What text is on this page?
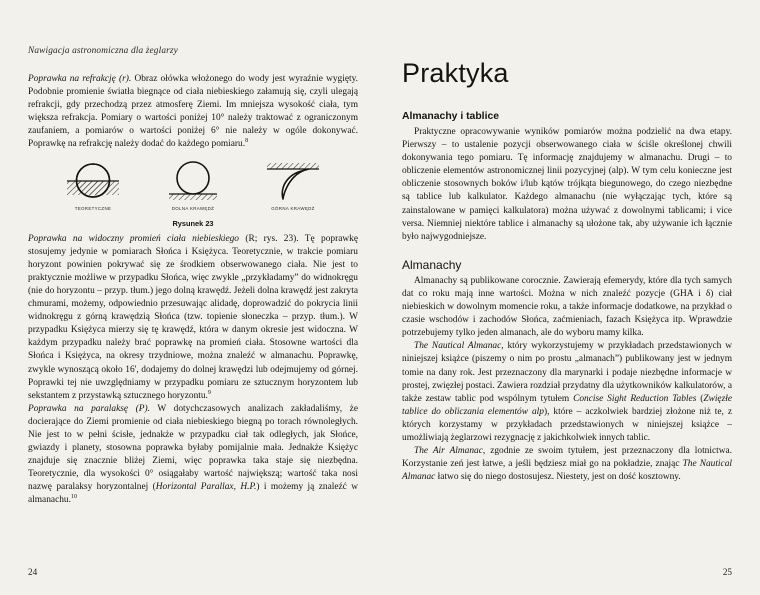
Nawigacja astronomiczna dla żeglarzy

Poprawka na refrakcję (r). Obraz ołówka włożonego do wody jest wyraźnie wygięty. Podobnie promienie światła biegnące od ciała niebieskiego załamują się, czyli ulegają refrakcji, gdy przechodzą przez atmosferę Ziemi. Im mniejsza wysokość ciała, tym większa refrakcja. Pomiary o wartości poniżej 10° należy traktować z ograniczonym zaufaniem, a pomiarów o wartości poniżej 6° nie należy w ogóle dokonywać. Poprawkę na refrakcję należy dodać do każdego pomiaru.$^8$

TEORETYCZNE	DOLNA KRAWĘDŹ	GÓRNA KRAWĘDŹ
Rysunek 23

Poprawka na widoczny promień ciała niebieskiego (R; rys. 23). Tę poprawkę stosujemy jedynie w pomiarach Słońca i Księżyca. Teoretycznie, w trakcie pomiaru horyzont powinien pokrywać się ze środkiem obserwowanego ciała. Nie jest to praktycznie możliwe w przypadku Słońca, więc zwykle „przykładamy” do widnokręgu (nie do horyzontu – przyp. tłum.) jego dolną krawędź. Jeżeli dolna krawędź jest zakryta chmurami, możemy, odpowiednio przesuwając alidadę, doprowadzić do pokrycia linii widnokręgu z górną krawędzią Słońca (tzw. topienie słoneczka – przyp. tłum.). W przypadku Księżyca mierzy się tę krawędź, która w danym okresie jest widoczna. W każdym przypadku należy brać poprawkę na promień ciała. Stosowne wartości dla Słońca i Księżyca, na okresy trzydniowe, można znaleźć w almanachu. Poprawkę, zwykle wynoszącą około 16', dodajemy do dolnej krawędzi lub odejmujemy od górnej. Poprawki tej nie uwzględniamy w przypadku pomiaru ze sztucznym horyzontem lub sekstantem z przystawką sztucznego horyzontu.$^9$

Poprawka na paralaksę (P). W dotychczasowych analizach zakładaliśmy, że docierające do Ziemi promienie od ciała niebieskiego biegną po torach równoległych. Nie jest to w pełni ścisłe, jednakże w przypadku ciał tak odległych, jak Słońce, gwiazdy i planety, stosowna poprawka byłaby pomijalnie mała. Jednakże Księżyc znajduje się znacznie bliżej Ziemi, więc poprawka taka staje się niezbędna. Teoretycznie, dla wysokości 0° osiągałaby wartość największą; wartość taka nosi nazwę paralaksy horyzontalnej (Horizontal Parallax, H.P.) i możemy ją znaleźć w almanachu.$^{10}$

24
Praktyka
Almanachy i tablice

Praktyczne opracowywanie wyników pomiarów można podzielić na dwa etapy. Pierwszy – to ustalenie pozycji obserwowanego ciała w ściśle określonej chwili dokonywania tego pomiaru. Tę informację znajdujemy w almanachu. Drugi – to obliczenie elementów astronomicznej linii pozycyjnej (alp). W tym celu konieczne jest obliczenie stosownych boków i/lub kątów trójkąta biegunowego, do czego niezbędne są tablice lub kalkulator. Każdego almanachu (nie wyłączając tych, które są zainstalowane w pamięci kalkulatora) można używać z dowolnymi tablicami; i vice versa. Niemniej niektóre tablice i almanachy są ułożone tak, aby używanie ich łącznie było najwygodniejsze.

Almanachy

Almanachy są publikowane corocznie. Zawierają efemerydy, które dla tych samych dat co roku mają inne wartości. Można w nich znaleźć pozycje (GHA i δ) ciał niebieskich w dowolnym momencie roku, a także informacje dodatkowe, na przykład o czasie wschodów i zachodów Słońca, zaćmieniach, fazach Księżyca itp. Wprawdzie potrzebujemy tylko jeden almanach, ale do wyboru mamy kilka.

The Nautical Almanac, który wykorzystujemy w przykładach przedstawionych w niniejszej książce (piszemy o nim po prostu „almanach”) publikowany jest w jednym tomie na dany rok. Jest przeznaczony dla marynarki i podaje niezbędne informacje w prostej, zwięzłej postaci. Zawiera rozdział przydatny dla użytkowników kalkulatorów, a także zestaw tablic pod wspólnym tytułem Concise Sight Reduction Tables (Zwięzłe tablice do obliczania elementów alp), które – aczkolwiek bardziej złożone niż te, z których korzystamy w przykładach przedstawionych w niniejszej książce – umożliwiają żeglarzowi rezygnację z jakichkolwiek innych tablic.

The Air Almanac, zgodnie ze swoim tytułem, jest przeznaczony dla lotnictwa. Korzystanie zeń jest łatwe, a jeśli będziesz miał go na pokładzie, znając The Nautical Almanac łatwo się do niego dostosujesz. Niestety, jest on dość kosztowny.

25
